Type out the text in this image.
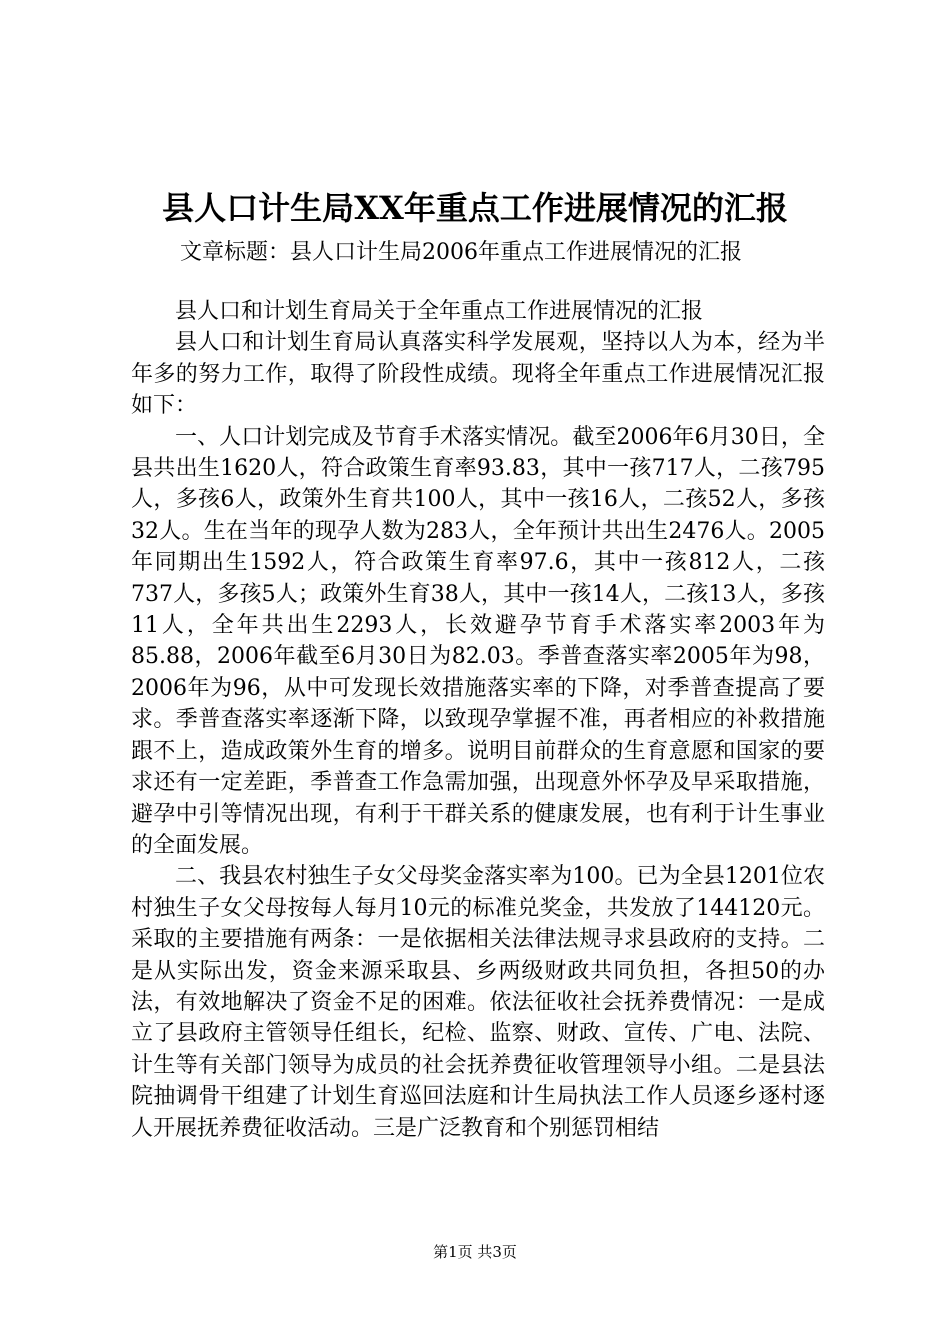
县人口计生局XX年重点工作进展情况的汇报
文章标题：县人口计生局2006年重点工作进展情况的汇报

县人口和计划生育局关于全年重点工作进展情况的汇报

县人口和计划生育局认真落实科学发展观，坚持以人为本，经为半年多的努力工作，取得了阶段性成绩。现将全年重点工作进展情况汇报如下：

一、人口计划完成及节育手术落实情况。截至2006年6月30日，全县共出生1620人，符合政策生育率93.83，其中一孩717人，二孩795人，多孩6人，政策外生育共100人，其中一孩16人，二孩52人，多孩32人。生在当年的现孕人数为283人，全年预计共出生2476人。2005年同期出生1592人，符合政策生育率97.6，其中一孩812人，二孩737人，多孩5人；政策外生育38人，其中一孩14人，二孩13人，多孩11人，全年共出生2293人，长效避孕节育手术落实率2003年为85.88，2006年截至6月30日为82.03。季普查落实率2005年为98，2006年为96，从中可发现长效措施落实率的下降，对季普查提高了要求。季普查落实率逐渐下降，以致现孕掌握不准，再者相应的补救措施跟不上，造成政策外生育的增多。说明目前群众的生育意愿和国家的要求还有一定差距，季普查工作急需加强，出现意外怀孕及早采取措施，避孕中引等情况出现，有利于干群关系的健康发展，也有利于计生事业的全面发展。

二、我县农村独生子女父母奖金落实率为100。已为全县1201位农村独生子女父母按每人每月10元的标准兑奖金，共发放了144120元。采取的主要措施有两条：一是依据相关法律法规寻求县政府的支持。二是从实际出发，资金来源采取县、乡两级财政共同负担，各担50的办法，有效地解决了资金不足的困难。依法征收社会抚养费情况：一是成立了县政府主管领导任组长，纪检、监察、财政、宣传、广电、法院、计生等有关部门领导为成员的社会抚养费征收管理领导小组。二是县法院抽调骨干组建了计划生育巡回法庭和计生局执法工作人员逐乡逐村逐人开展抚养费征收活动。三是广泛教育和个别惩罚相结

第1页 共3页
